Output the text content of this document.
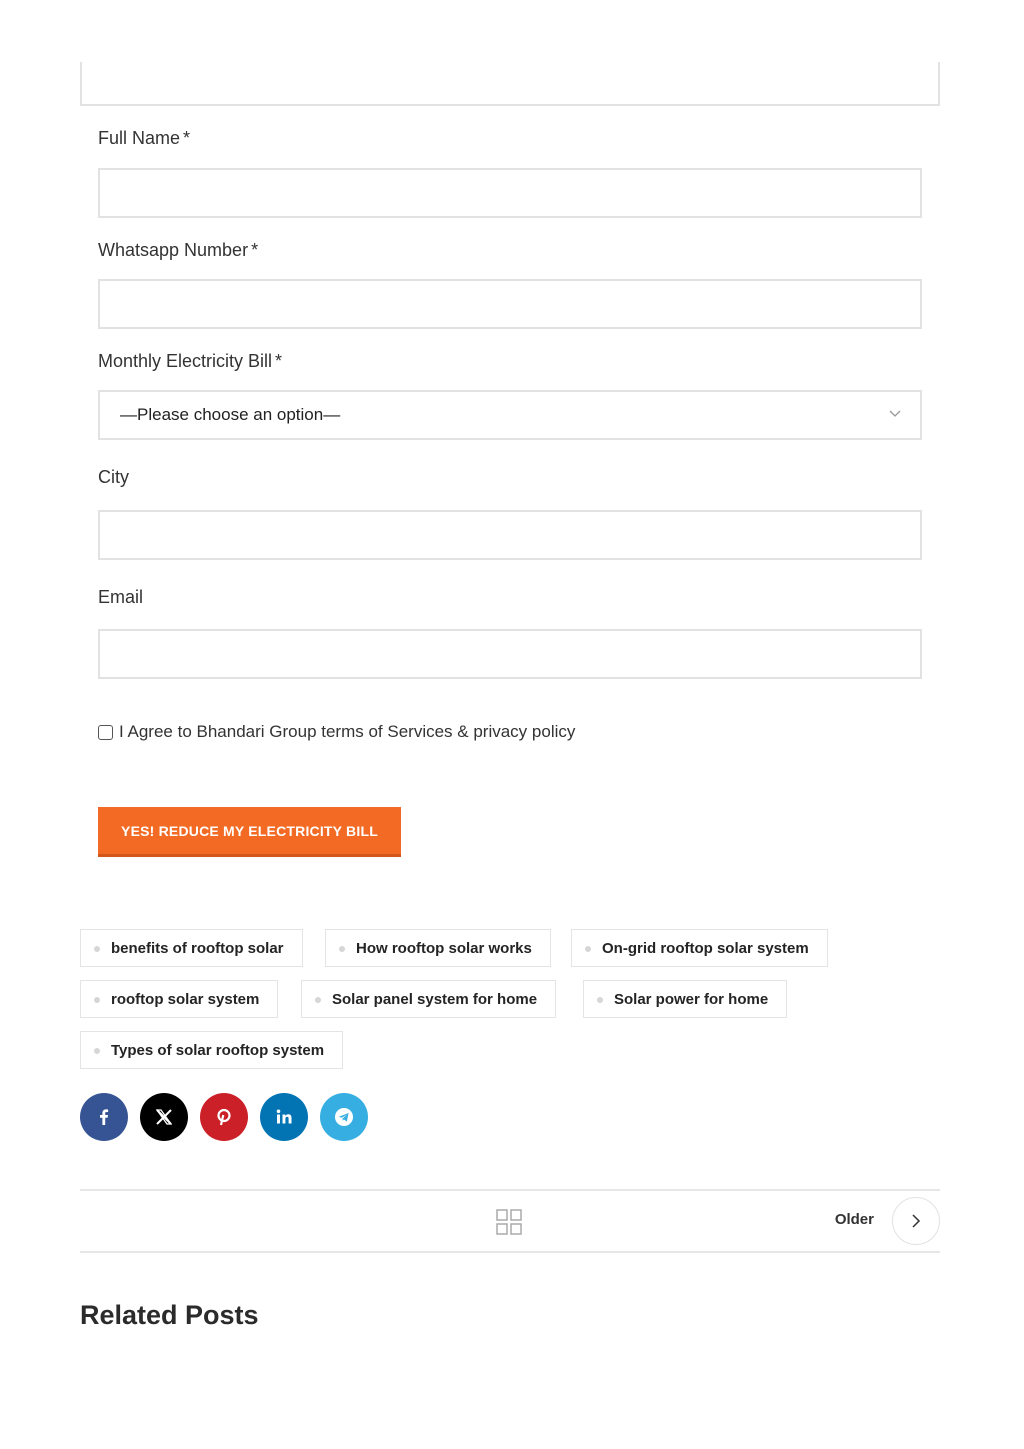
Full Name *
Whatsapp Number *
Monthly Electricity Bill *
—Please choose an option—
City
Email
I Agree to Bhandari Group terms of Services & privacy policy
YES! REDUCE MY ELECTRICITY BILL
benefits of rooftop solar	How rooftop solar works	On-grid rooftop solar system
rooftop solar system	Solar panel system for home	Solar power for home
Types of solar rooftop system
Older
Related Posts
